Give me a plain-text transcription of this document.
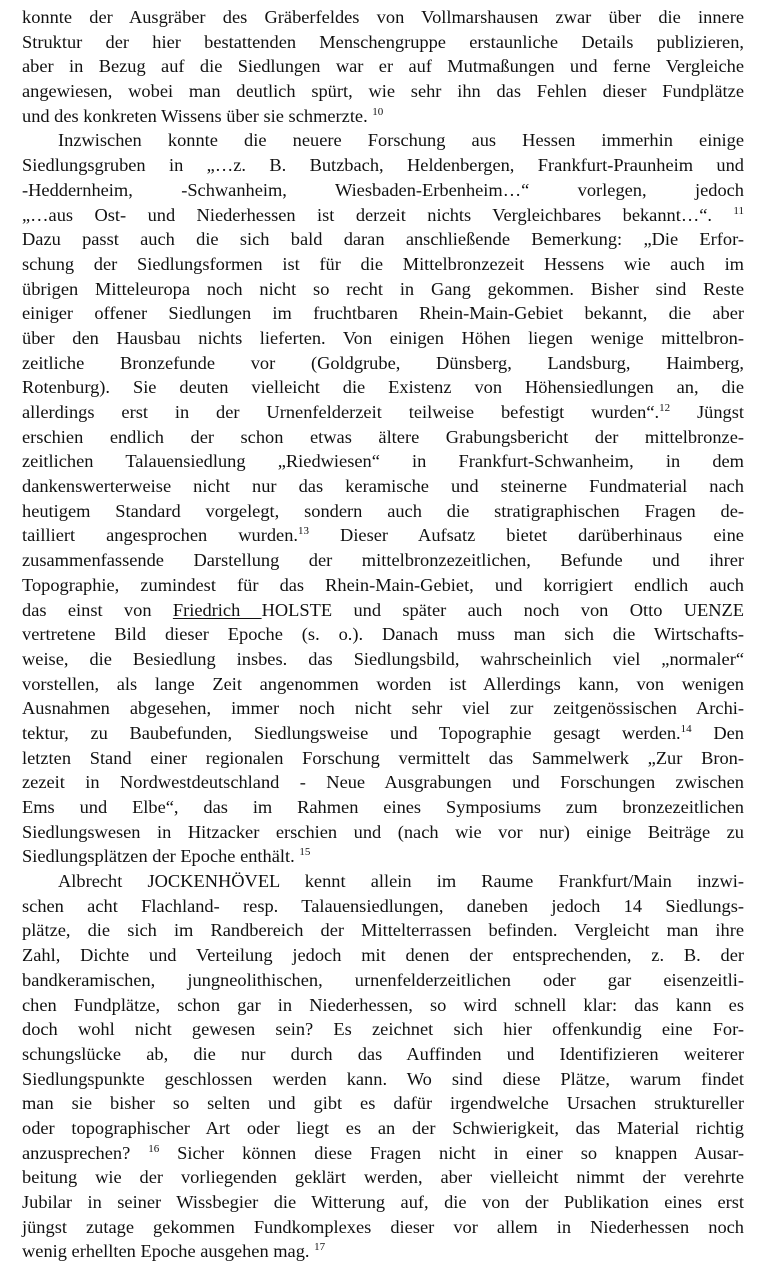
konnte der Ausgräber des Gräberfeldes von Vollmarshausen zwar über die innere
Struktur der hier bestattenden Menschengruppe erstaunliche Details publizieren,
aber in Bezug auf die Siedlungen war er auf Mutmaßungen und ferne Vergleiche
angewiesen, wobei man deutlich spürt, wie sehr ihn das Fehlen dieser Fundplätze
und des konkreten Wissens über sie schmerzte. $^{10}$
Inzwischen konnte die neuere Forschung aus Hessen immerhin einige
Siedlungsgruben in „…z. B. Butzbach, Heldenbergen, Frankfurt-Praunheim und
-Heddernheim, -Schwanheim, Wiesbaden-Erbenheim…“ vorlegen, jedoch
„…aus Ost- und Niederhessen ist derzeit nichts Vergleichbares bekannt…“. $^{11}$
Dazu passt auch die sich bald daran anschließende Bemerkung: „Die Erfor-
schung der Siedlungsformen ist für die Mittelbronzezeit Hessens wie auch im
übrigen Mitteleuropa noch nicht so recht in Gang gekommen. Bisher sind Reste
einiger offener Siedlungen im fruchtbaren Rhein-Main-Gebiet bekannt, die aber
über den Hausbau nichts lieferten. Von einigen Höhen liegen wenige mittelbron-
zeitliche Bronzefunde vor (Goldgrube, Dünsberg, Landsburg, Haimberg,
Rotenburg). Sie deuten vielleicht die Existenz von Höhensiedlungen an, die
allerdings erst in der Urnenfelderzeit teilweise befestigt wurden“.$^{12}$ Jüngst
erschien endlich der schon etwas ältere Grabungsbericht der mittelbronze-
zeitlichen Talauensiedlung „Riedwiesen“ in Frankfurt-Schwanheim, in dem
dankenswerterweise nicht nur das keramische und steinerne Fundmaterial nach
heutigem Standard vorgelegt, sondern auch die stratigraphischen Fragen de-
tailliert angesprochen wurden.$^{13}$ Dieser Aufsatz bietet darüberhinaus eine
zusammenfassende Darstellung der mittelbronzezeitlichen, Befunde und ihrer
Topographie, zumindest für das Rhein-Main-Gebiet, und korrigiert endlich auch
das einst von Friedrich HOLSTE und später auch noch von Otto UENZE
vertretene Bild dieser Epoche (s. o.). Danach muss man sich die Wirtschafts-
weise, die Besiedlung insbes. das Siedlungsbild, wahrscheinlich viel „normaler“
vorstellen, als lange Zeit angenommen worden ist Allerdings kann, von wenigen
Ausnahmen abgesehen, immer noch nicht sehr viel zur zeitgenössischen Archi-
tektur, zu Baubefunden, Siedlungsweise und Topographie gesagt werden.$^{14}$ Den
letzten Stand einer regionalen Forschung vermittelt das Sammelwerk „Zur Bron-
zezeit in Nordwestdeutschland - Neue Ausgrabungen und Forschungen zwischen
Ems und Elbe“, das im Rahmen eines Symposiums zum bronzezeitlichen
Siedlungswesen in Hitzacker erschien und (nach wie vor nur) einige Beiträge zu
Siedlungsplätzen der Epoche enthält. $^{15}$
Albrecht JOCKENHÖVEL kennt allein im Raume Frankfurt/Main inzwi-
schen acht Flachland- resp. Talauensiedlungen, daneben jedoch 14 Siedlungs-
plätze, die sich im Randbereich der Mittelterrassen befinden. Vergleicht man ihre
Zahl, Dichte und Verteilung jedoch mit denen der entsprechenden, z. B. der
bandkeramischen, jungneolithischen, urnenfelderzeitlichen oder gar eisenzeitli-
chen Fundplätze, schon gar in Niederhessen, so wird schnell klar: das kann es
doch wohl nicht gewesen sein? Es zeichnet sich hier offenkundig eine For-
schungslücke ab, die nur durch das Auffinden und Identifizieren weiterer
Siedlungspunkte geschlossen werden kann. Wo sind diese Plätze, warum findet
man sie bisher so selten und gibt es dafür irgendwelche Ursachen struktureller
oder topographischer Art oder liegt es an der Schwierigkeit, das Material richtig
anzusprechen? $^{16}$ Sicher können diese Fragen nicht in einer so knappen Ausar-
beitung wie der vorliegenden geklärt werden, aber vielleicht nimmt der verehrte
Jubilar in seiner Wissbegier die Witterung auf, die von der Publikation eines erst
jüngst zutage gekommen Fundkomplexes dieser vor allem in Niederhessen noch
wenig erhellten Epoche ausgehen mag. $^{17}$
